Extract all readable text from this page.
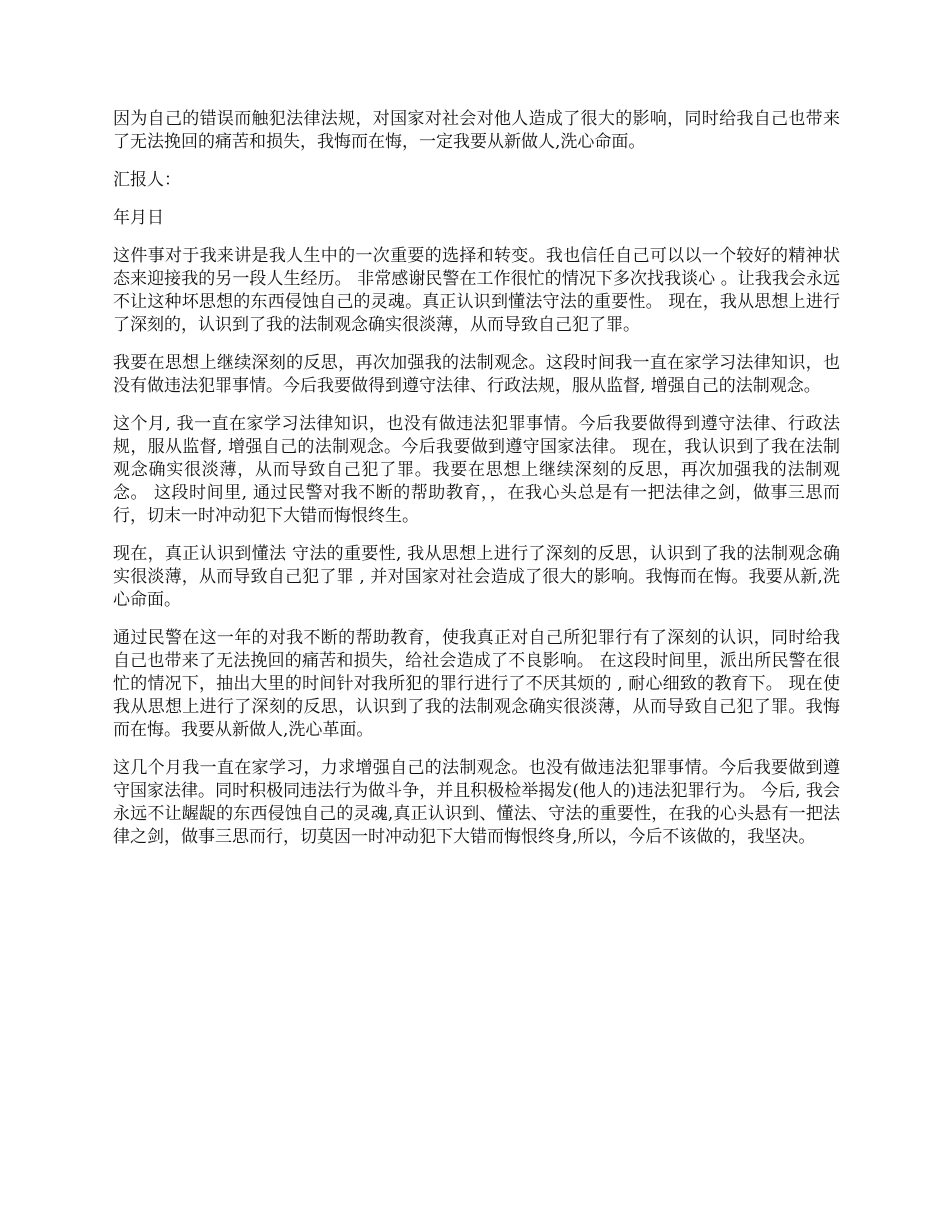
因为自己的错误而触犯法律法规，对国家对社会对他人造成了很大的影响，同时给我自己也带来了无法挽回的痛苦和损失，我悔而在悔，一定我要从新做人,洗心命面。

汇报人：

年月日

这件事对于我来讲是我人生中的一次重要的选择和转变。我也信任自己可以以一个较好的精神状态来迎接我的另一段人生经历。 非常感谢民警在工作很忙的情况下多次找我谈心 。让我我会永远不让这种坏思想的东西侵蚀自己的灵魂。真正认识到懂法守法的重要性。 现在，我从思想上进行了深刻的，认识到了我的法制观念确实很淡薄，从而导致自己犯了罪。

我要在思想上继续深刻的反思，再次加强我的法制观念。这段时间我一直在家学习法律知识，也没有做违法犯罪事情。今后我要做得到遵守法律、行政法规，服从监督, 增强自己的法制观念。

这个月, 我一直在家学习法律知识，也没有做违法犯罪事情。今后我要做得到遵守法律、行政法规，服从监督, 增强自己的法制观念。今后我要做到遵守国家法律。 现在，我认识到了我在法制观念确实很淡薄，从而导致自己犯了罪。我要在思想上继续深刻的反思，再次加强我的法制观念。 这段时间里, 通过民警对我不断的帮助教育，，在我心头总是有一把法律之剑，做事三思而行，切末一时冲动犯下大错而悔恨终生。

现在，真正认识到懂法 守法的重要性, 我从思想上进行了深刻的反思，认识到了我的法制观念确实很淡薄，从而导致自己犯了罪 , 并对国家对社会造成了很大的影响。我悔而在悔。我要从新,洗心命面。

通过民警在这一年的对我不断的帮助教育，使我真正对自己所犯罪行有了深刻的认识，同时给我自己也带来了无法挽回的痛苦和损失，给社会造成了不良影响。 在这段时间里，派出所民警在很忙的情况下，抽出大里的时间针对我所犯的罪行进行了不厌其烦的 , 耐心细致的教育下。 现在使我从思想上进行了深刻的反思，认识到了我的法制观念确实很淡薄，从而导致自己犯了罪。我悔而在悔。我要从新做人,洗心革面。

这几个月我一直在家学习，力求增强自己的法制观念。也没有做违法犯罪事情。今后我要做到遵守国家法律。同时积极同违法行为做斗争，并且积极检举揭发(他人的)违法犯罪行为。 今后, 我会永远不让龌龊的东西侵蚀自己的灵魂,真正认识到、懂法、守法的重要性，在我的心头悬有一把法律之剑，做事三思而行，切莫因一时冲动犯下大错而悔恨终身,所以，今后不该做的，我坚决。
